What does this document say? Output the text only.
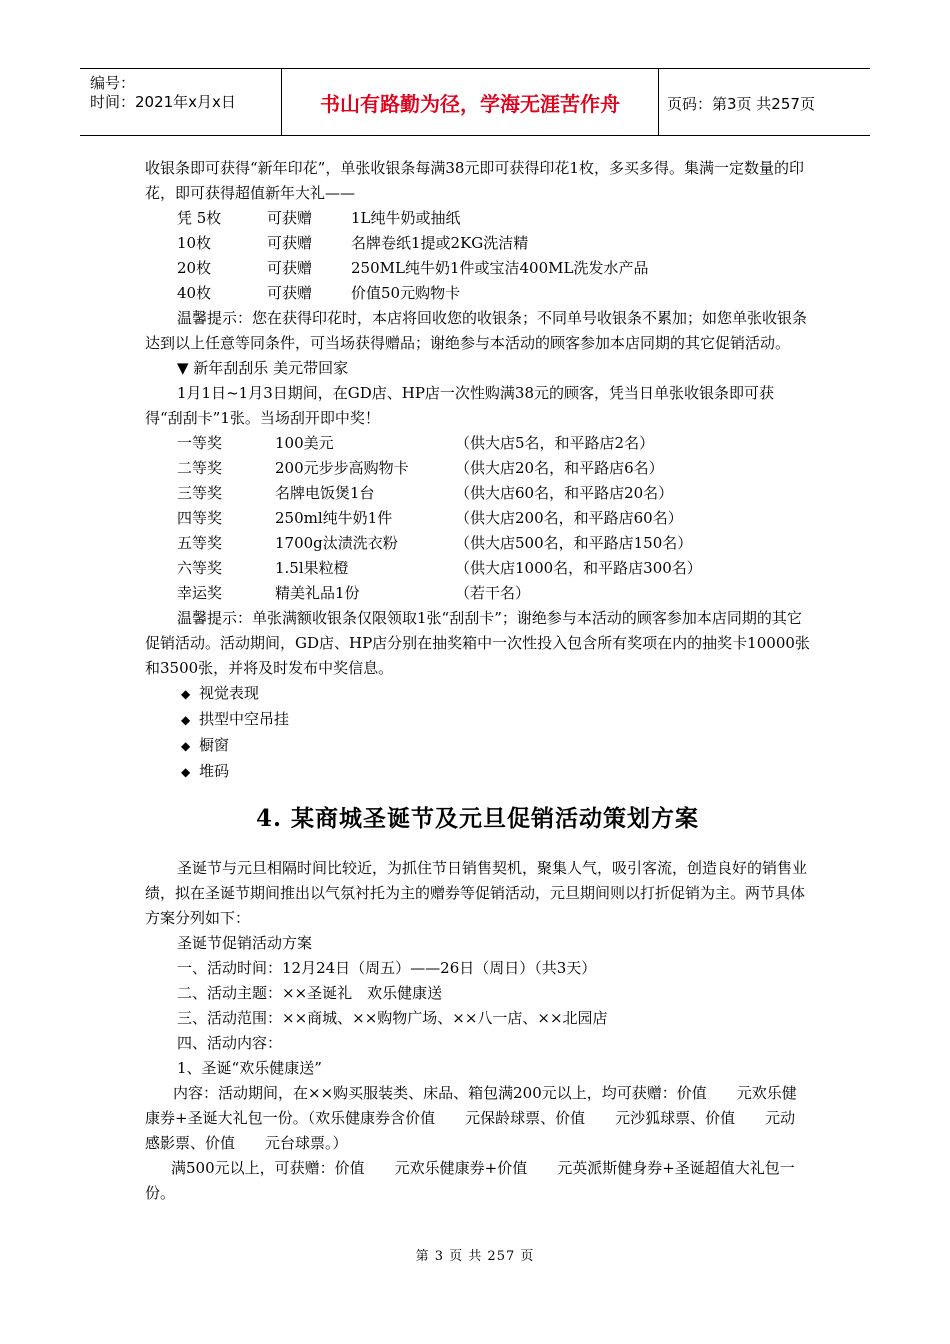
编号：
时间：2021年x月x日	书山有路勤为径，学海无涯苦作舟	页码：第3页 共257页

收银条即可获得“新年印花”，单张收银条每满38元即可获得印花1枚，多买多得。集满一定数量的印花，即可获得超值新年大礼——

凭 5枚	可获赠	1L纯牛奶或抽纸
10枚	可获赠	名牌卷纸1提或2KG洗洁精
20枚	可获赠	250ML纯牛奶1件或宝洁400ML洗发水产品
40枚	可获赠	价值50元购物卡

温馨提示：您在获得印花时，本店将回收您的收银条；不同单号收银条不累加；如您单张收银条达到以上任意等同条件，可当场获得赠品；谢绝参与本活动的顾客参加本店同期的其它促销活动。

▼ 新年刮刮乐 美元带回家

1月1日~1月3日期间，在GD店、HP店一次性购满38元的顾客，凭当日单张收银条即可获得“刮刮卡”1张。当场刮开即中奖！

一等奖	100美元	（供大店5名，和平路店2名）
二等奖	200元步步高购物卡	（供大店20名，和平路店6名）
三等奖	名牌电饭煲1台	（供大店60名，和平路店20名）
四等奖	250ml纯牛奶1件	（供大店200名，和平路店60名）
五等奖	1700g汰渍洗衣粉	（供大店500名，和平路店150名）
六等奖	1.5l果粒橙	（供大店1000名，和平路店300名）
幸运奖	精美礼品1份	（若干名）

温馨提示：单张满额收银条仅限领取1张“刮刮卡”；谢绝参与本活动的顾客参加本店同期的其它促销活动。活动期间，GD店、HP店分别在抽奖箱中一次性投入包含所有奖项在内的抽奖卡10000张和3500张，并将及时发布中奖信息。

◆ 视觉表现
◆ 拱型中空吊挂
◆ 橱窗
◆ 堆码
4. 某商城圣诞节及元旦促销活动策划方案

圣诞节与元旦相隔时间比较近，为抓住节日销售契机，聚集人气，吸引客流，创造良好的销售业绩，拟在圣诞节期间推出以气氛衬托为主的赠券等促销活动，元旦期间则以打折促销为主。两节具体方案分列如下：

圣诞节促销活动方案

一、活动时间：12月24日（周五）——26日（周日）（共3天）

二、活动主题：××圣诞礼　欢乐健康送

三、活动范围：××商城、××购物广场、××八一店、××北园店

四、活动内容：

1、圣诞“欢乐健康送”

内容：活动期间，在××购买服装类、床品、箱包满200元以上，均可获赠：价值　　元欢乐健康券+圣诞大礼包一份。（欢乐健康券含价值　　元保龄球票、价值　　元沙狐球票、价值　　元动感影票、价值　　元台球票。）

满500元以上，可获赠：价值　　元欢乐健康券+价值　　元英派斯健身券+圣诞超值大礼包一份。

第 3 页 共 257 页
